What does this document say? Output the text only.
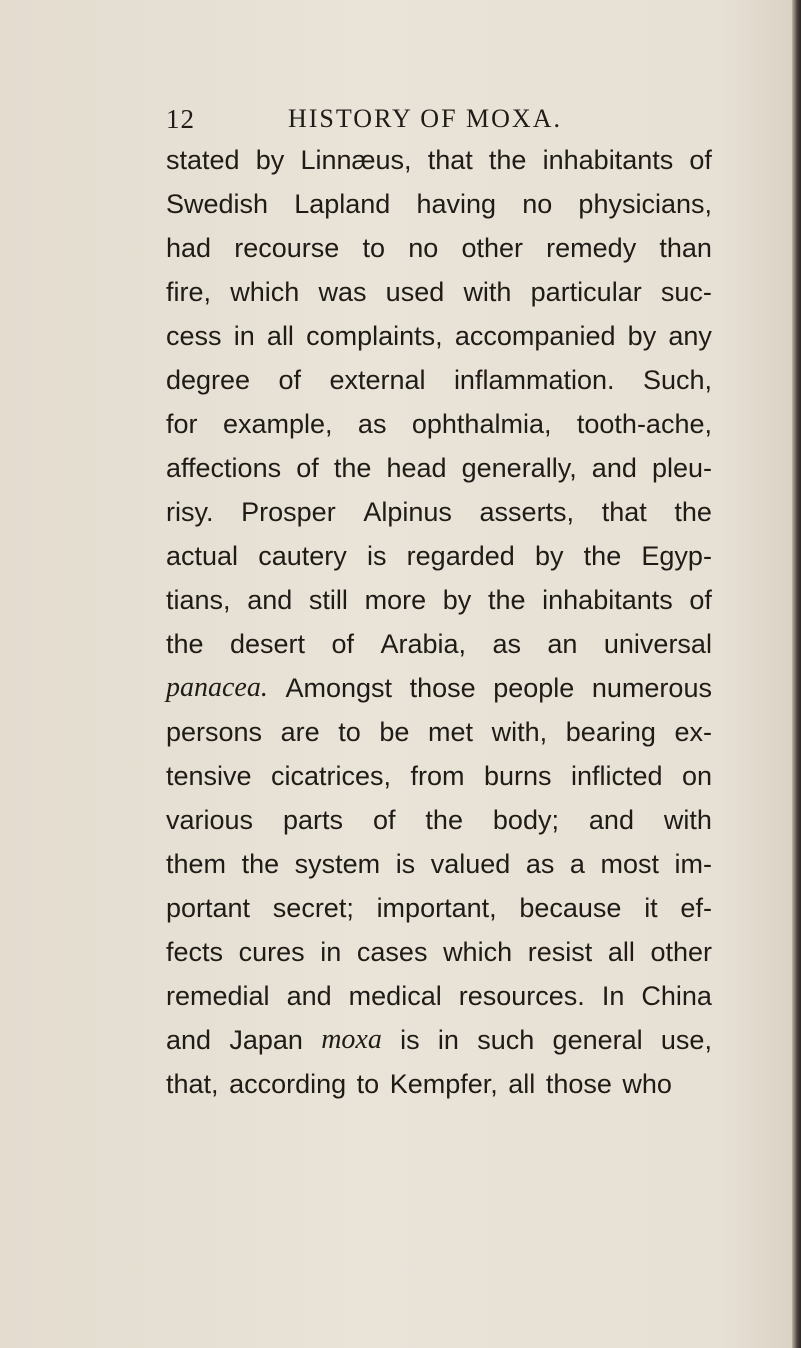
12	HISTORY OF MOXA.
stated by Linnæus, that the inhabitants of
Swedish Lapland having no physicians,
had recourse to no other remedy than
fire, which was used with particular suc-
cess in all complaints, accompanied by any
degree of external inflammation. Such,
for example, as ophthalmia, tooth-ache,
affections of the head generally, and pleu-
risy. Prosper Alpinus asserts, that the
actual cautery is regarded by the Egyp-
tians, and still more by the inhabitants of
the desert of Arabia, as an universal
panacea. Amongst those people numerous
persons are to be met with, bearing ex-
tensive cicatrices, from burns inflicted on
various parts of the body; and with
them the system is valued as a most im-
portant secret; important, because it ef-
fects cures in cases which resist all other
remedial and medical resources. In China
and Japan moxa is in such general use,
that,
according
to
Kempfer,
all
those
who
